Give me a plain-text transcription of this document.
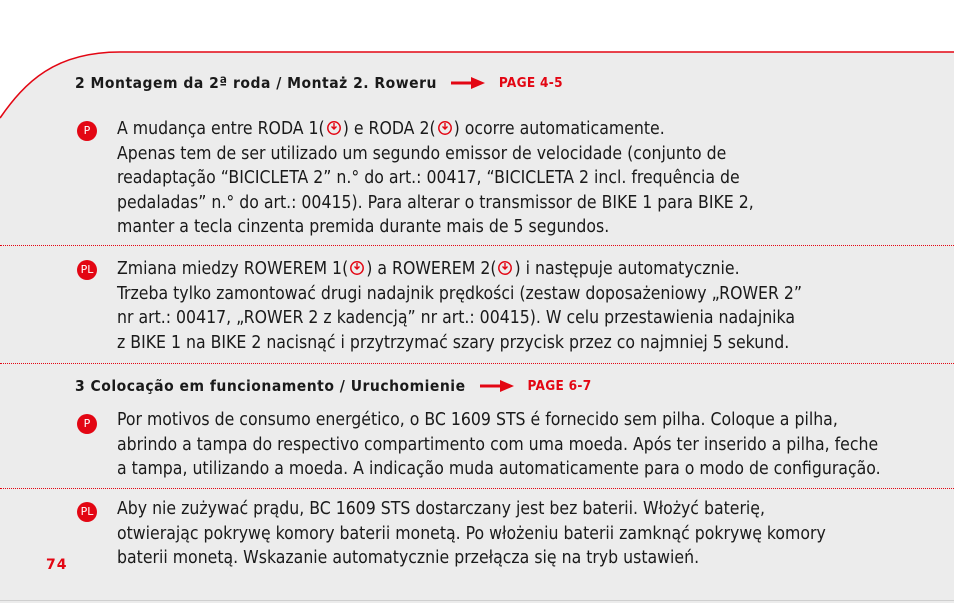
2 Montagem da 2ª roda / Montaż 2. Roweru	PAGE 4-5
P	A mudança entre RODA 1( ) e RODA 2( ) ocorre automaticamente.

Apenas tem de ser utilizado um segundo emissor de velocidade (conjunto de

readaptação “BICICLETA 2” n.° do art.: 00417, “BICICLETA 2 incl. frequência de

pedaladas” n.° do art.: 00415). Para alterar o transmissor de BIKE 1 para BIKE 2,

manter a tecla cinzenta premida durante mais de 5 segundos.

PL Zmiana miedzy ROWEREM 1( ) a ROWEREM 2( ) i następuje automatycznie.

Trzeba tylko zamontować drugi nadajnik prędkości (zestaw doposażeniowy „ROWER 2”

nr art.: 00417, „ROWER 2 z kadencją” nr art.: 00415). W celu przestawienia nadajnika

z BIKE 1 na BIKE 2 nacisnąć i przytrzymać szary przycisk przez co najmniej 5 sekund.

3 Colocação em funcionamento / Uruchomienie	PAGE 6-7
P	Por motivos de consumo energético, o BC 1609 STS é fornecido sem pilha. Coloque a pilha,

abrindo a tampa do respectivo compartimento com uma moeda. Após ter inserido a pilha, feche

a tampa, utilizando a moeda. A indicação muda automaticamente para o modo de configuração.

PL Aby nie zużywać prądu, BC 1609 STS dostarczany jest bez baterii. Włożyć baterię,

otwierając pokrywę komory baterii monetą. Po włożeniu baterii zamknąć pokrywę komory

baterii monetą. Wskazanie automatycznie przełącza się na tryb ustawień.

74
